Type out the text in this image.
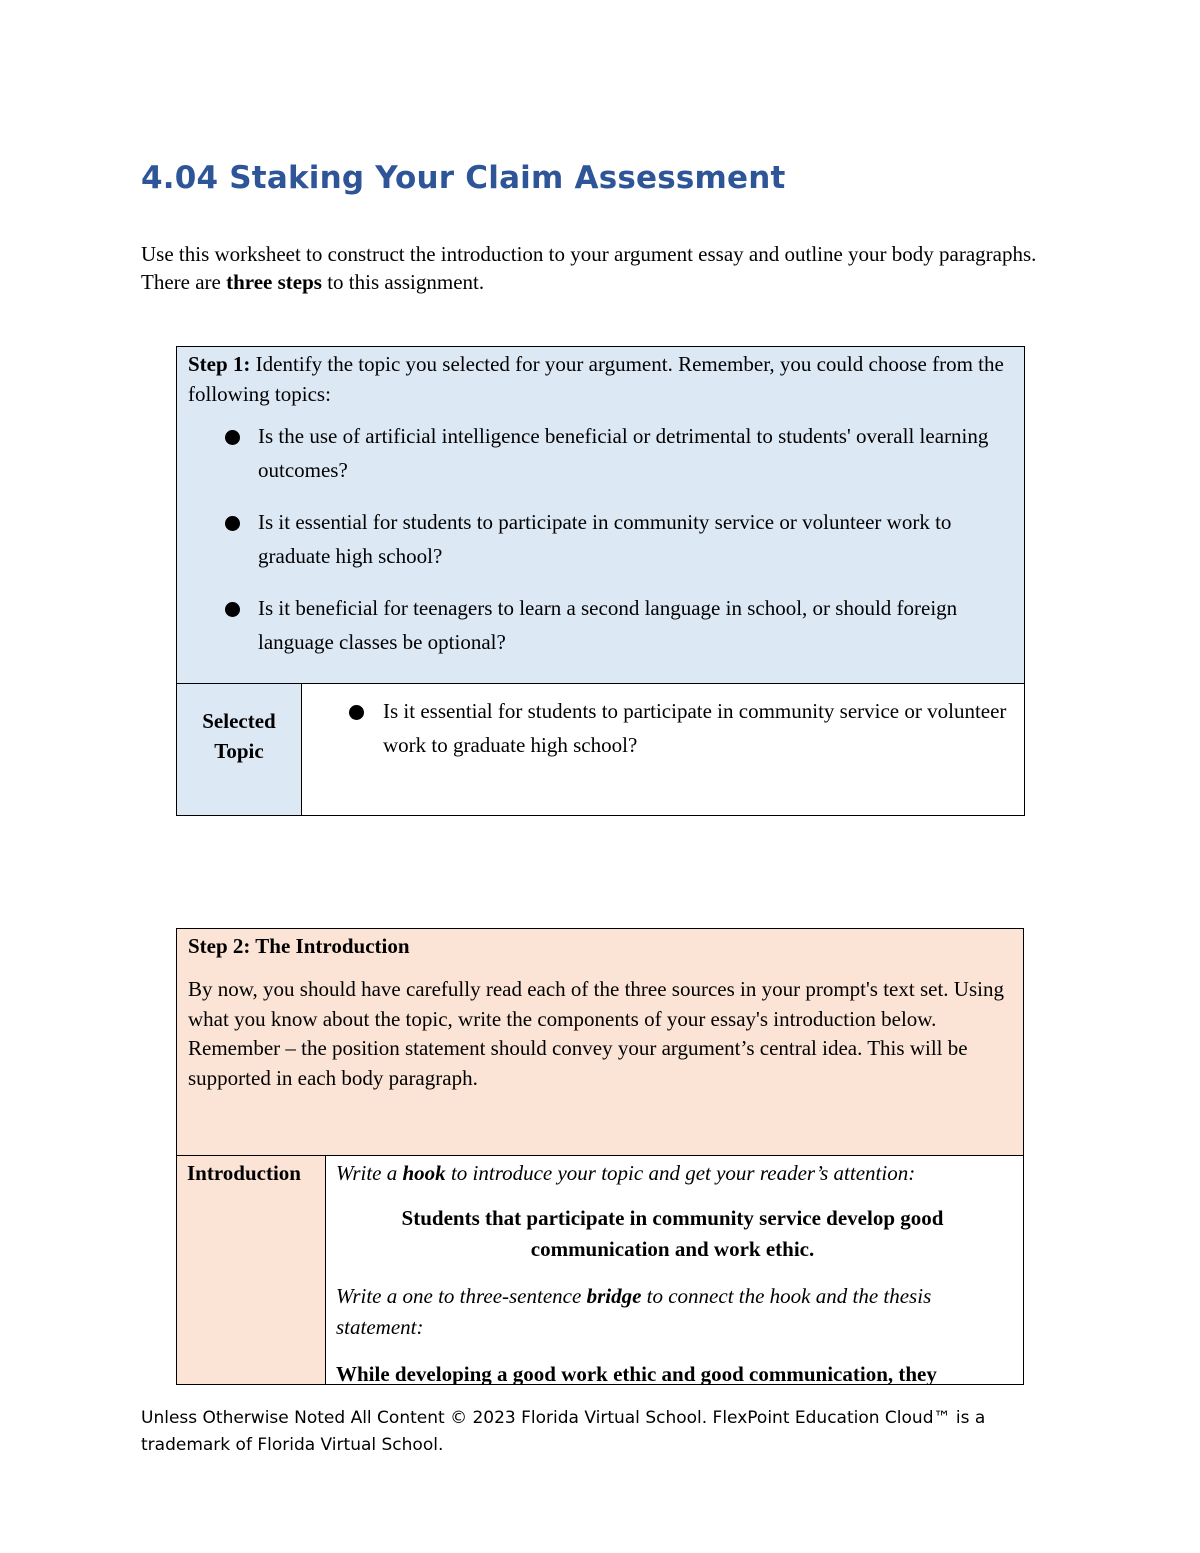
4.04 Staking Your Claim Assessment

Use this worksheet to construct the introduction to your argument essay and outline your body paragraphs. There are three steps to this assignment.

Step 1: Identify the topic you selected for your argument. Remember, you could choose from the following topics:

Is the use of artificial intelligence beneficial or detrimental to students' overall learning outcomes?
Is it essential for students to participate in community service or volunteer work to graduate high school?
Is it beneficial for teenagers to learn a second language in school, or should foreign language classes be optional?
Selected Topic
Is it essential for students to participate in community service or volunteer work to graduate high school?

Step 2: The Introduction

By now, you should have carefully read each of the three sources in your prompt's text set. Using what you know about the topic, write the components of your essay's introduction below. Remember – the position statement should convey your argument’s central idea. This will be supported in each body paragraph.

Introduction	Write a hook to introduce your topic and get your reader’s attention:

Students that participate in community service develop good communication and work ethic.

Write a one to three-sentence bridge to connect the hook and the thesis statement:

While developing a good work ethic and good communication, they

Unless Otherwise Noted All Content © 2023 Florida Virtual School. FlexPoint Education Cloud™ is a trademark of Florida Virtual School.
